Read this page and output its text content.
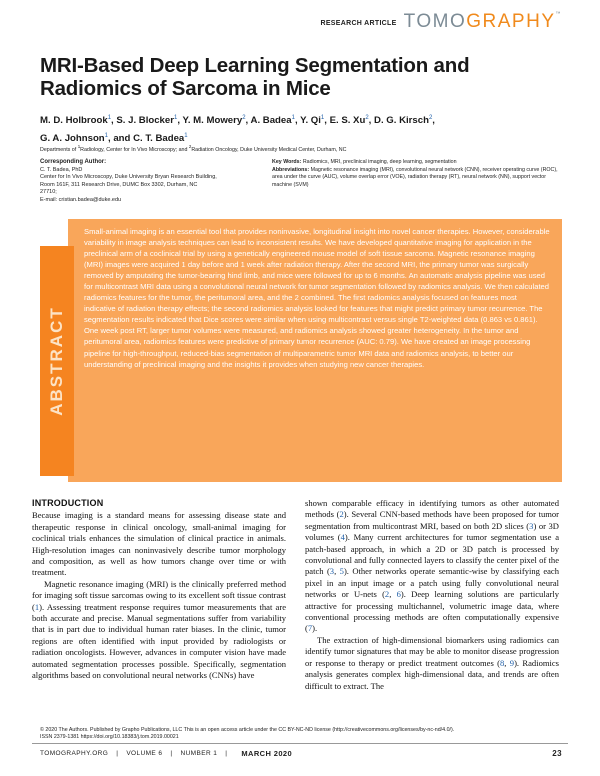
RESEARCH ARTICLE TOMOGRAPHY™
MRI-Based Deep Learning Segmentation and Radiomics of Sarcoma in Mice
M. D. Holbrook$^1$, S. J. Blocker$^1$, Y. M. Mowery$^2$, A. Badea$^1$, Y. Qi$^1$, E. S. Xu$^2$, D. G. Kirsch$^2$,
G. A. Johnson$^1$, and C. T. Badea$^1$
Departments of $^1$Radiology, Center for In Vivo Microscopy; and $^2$Radiation Oncology, Duke University Medical Center, Durham, NC
Corresponding Author:
C. T. Badea, PhD
Center for In Vivo Microscopy, Duke University Bryan Research Building,
Room 161F, 311 Research Drive, DUMC Box 3302, Durham, NC
27710;
E-mail: cristian.badea@duke.edu
Key Words: Radiomics, MRI, preclinical imaging, deep learning, segmentation
Abbreviations: Magnetic resonance imaging (MRI), convolutional neural network (CNN), receiver operating curve (ROC), area under the curve (AUC), volume overlap error (VOE), radiation therapy (RT), neural network (NN), support vector machine (SVM)

Small-animal imaging is an essential tool that provides noninvasive, longitudinal insight into novel cancer therapies. However, considerable variability in image analysis techniques can lead to inconsistent results. We have developed quantitative imaging for application in the preclinical arm of a coclinical trial by using a genetically engineered mouse model of soft tissue sarcoma. Magnetic resonance imaging (MRI) images were acquired 1 day before and 1 week after radiation therapy. After the second MRI, the primary tumor was surgically removed by amputating the tumor-bearing hind limb, and mice were followed for up to 6 months. An automatic analysis pipeline was used for multicontrast MRI data using a convolutional neural network for tumor segmentation followed by radiomics analysis. We then calculated radiomics features for the tumor, the peritumoral area, and the 2 combined. The first radiomics analysis focused on features most indicative of radiation therapy effects; the second radiomics analysis looked for features that might predict primary tumor recurrence. The segmentation results indicated that Dice scores were similar when using multicontrast versus single T2-weighted data (0.863 vs 0.861). One week post RT, larger tumor volumes were measured, and radiomics analysis showed greater heterogeneity. In the tumor and peritumoral area, radiomics features were predictive of primary tumor recurrence (AUC: 0.79). We have created an image processing pipeline for high-throughput, reduced-bias segmentation of multiparametric tumor MRI data and radiomics analysis, to better our understanding of preclinical imaging and the insights it provides when studying new cancer therapies.

ABSTRACT
INTRODUCTION

Because imaging is a standard means for assessing disease state and therapeutic response in clinical oncology, small-animal imaging for coclinical trials enhances the simulation of clinical practice in animals. High-resolution images can noninvasively describe tumor morphology and composition, as well as how tumors change over time or with treatment.

Magnetic resonance imaging (MRI) is the clinically preferred method for imaging soft tissue sarcomas owing to its excellent soft tissue contrast (1). Assessing treatment response requires tumor measurements that are both accurate and precise. Manual segmentations suffer from variability that is in part due to individual human rater biases. In the clinic, tumor regions are often identified with input provided by radiologists or radiation oncologists. However, advances in computer vision have made automated segmentation processes possible. Specifically, segmentation algorithms based on convolutional neural networks (CNNs) have

shown comparable efficacy in identifying tumors as other automated methods (2). Several CNN-based methods have been proposed for tumor segmentation from multicontrast MRI, based on both 2D slices (3) or 3D volumes (4). Many current architectures for tumor segmentation use a patch-based approach, in which a 2D or 3D patch is processed by convolutional and fully connected layers to classify the center pixel of the patch (3, 5). Other networks operate semantic-wise by classifying each pixel in an input image or a patch using fully convolutional neural networks or U-nets (2, 6). Deep learning solutions are particularly attractive for processing multichannel, volumetric image data, where conventional processing methods are often computationally expensive (7).

The extraction of high-dimensional biomarkers using radiomics can identify tumor signatures that may be able to monitor disease progression or response to therapy or predict treatment outcomes (8, 9). Radiomics analysis generates complex high-dimensional data, and trends are often difficult to extract. The

© 2020 The Authors. Published by Grapho Publications, LLC This is an open access article under the CC BY-NC-ND license (http://creativecommons.org/licenses/by-nc-nd/4.0/).
ISSN 2379-1381 https://doi.org/10.18383/j.tom.2019.00021
TOMOGRAPHY.ORG | VOLUME 6 | NUMBER 1 | MARCH 2020	23
